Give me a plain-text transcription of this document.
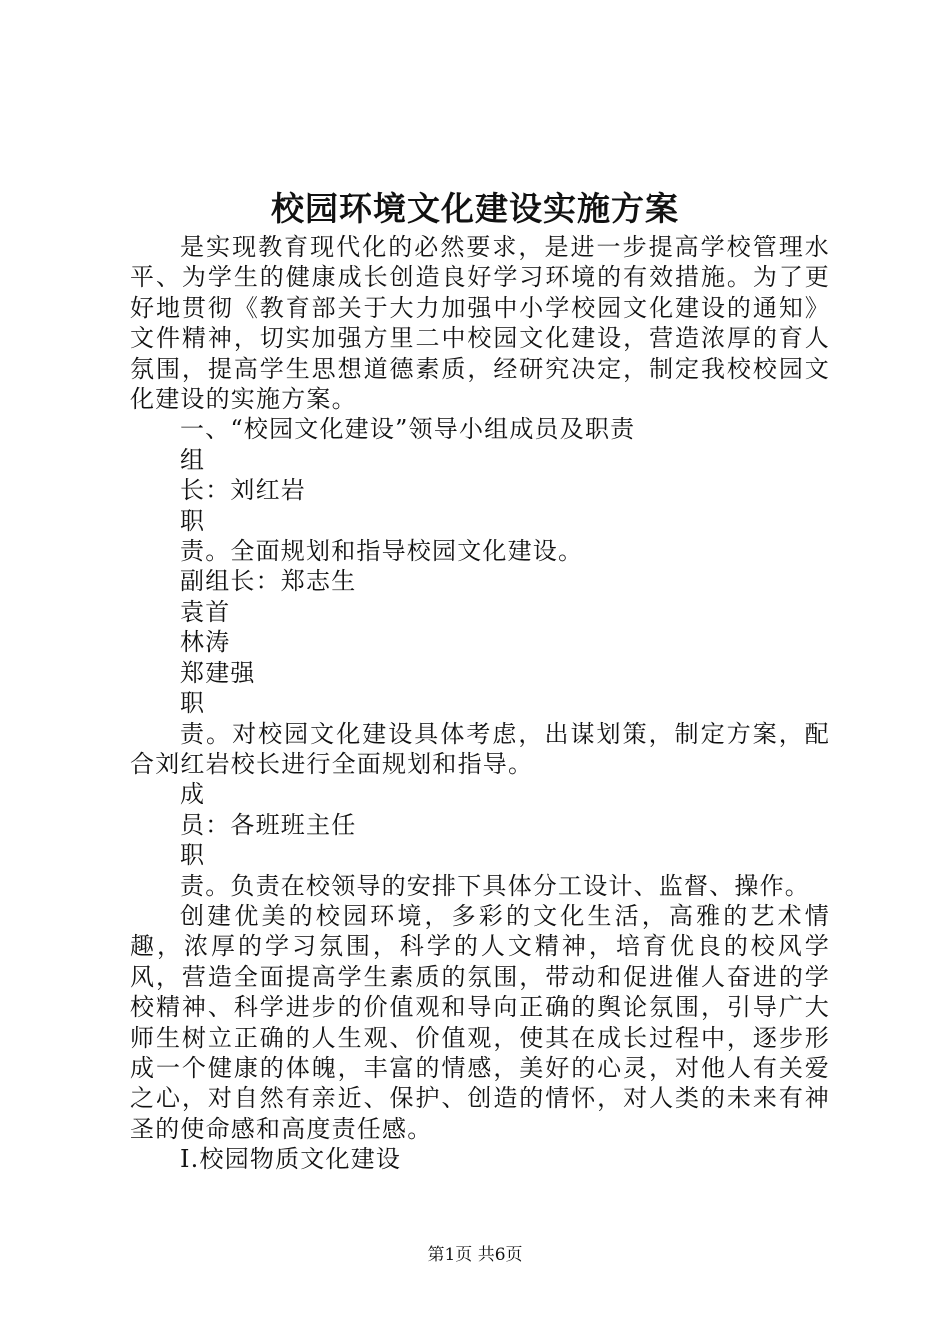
校园环境文化建设实施方案

是实现教育现代化的必然要求，是进一步提高学校管理水平、为学生的健康成长创造良好学习环境的有效措施。为了更好地贯彻《教育部关于大力加强中小学校园文化建设的通知》文件精神，切实加强方里二中校园文化建设，营造浓厚的育人氛围，提高学生思想道德素质，经研究决定，制定我校校园文化建设的实施方案。

一、“校园文化建设”领导小组成员及职责

组

长：刘红岩

职

责。全面规划和指导校园文化建设。

副组长：郑志生

袁首

林涛

郑建强

职

责。对校园文化建设具体考虑，出谋划策，制定方案，配合刘红岩校长进行全面规划和指导。

成

员：各班班主任

职

责。负责在校领导的安排下具体分工设计、监督、操作。

创建优美的校园环境，多彩的文化生活，高雅的艺术情趣，浓厚的学习氛围，科学的人文精神，培育优良的校风学风，营造全面提高学生素质的氛围，带动和促进催人奋进的学校精神、科学进步的价值观和导向正确的舆论氛围，引导广大师生树立正确的人生观、价值观，使其在成长过程中，逐步形成一个健康的体魄，丰富的情感，美好的心灵，对他人有关爱之心，对自然有亲近、保护、创造的情怀，对人类的未来有神圣的使命感和高度责任感。

Ⅰ.校园物质文化建设

第1页 共6页
